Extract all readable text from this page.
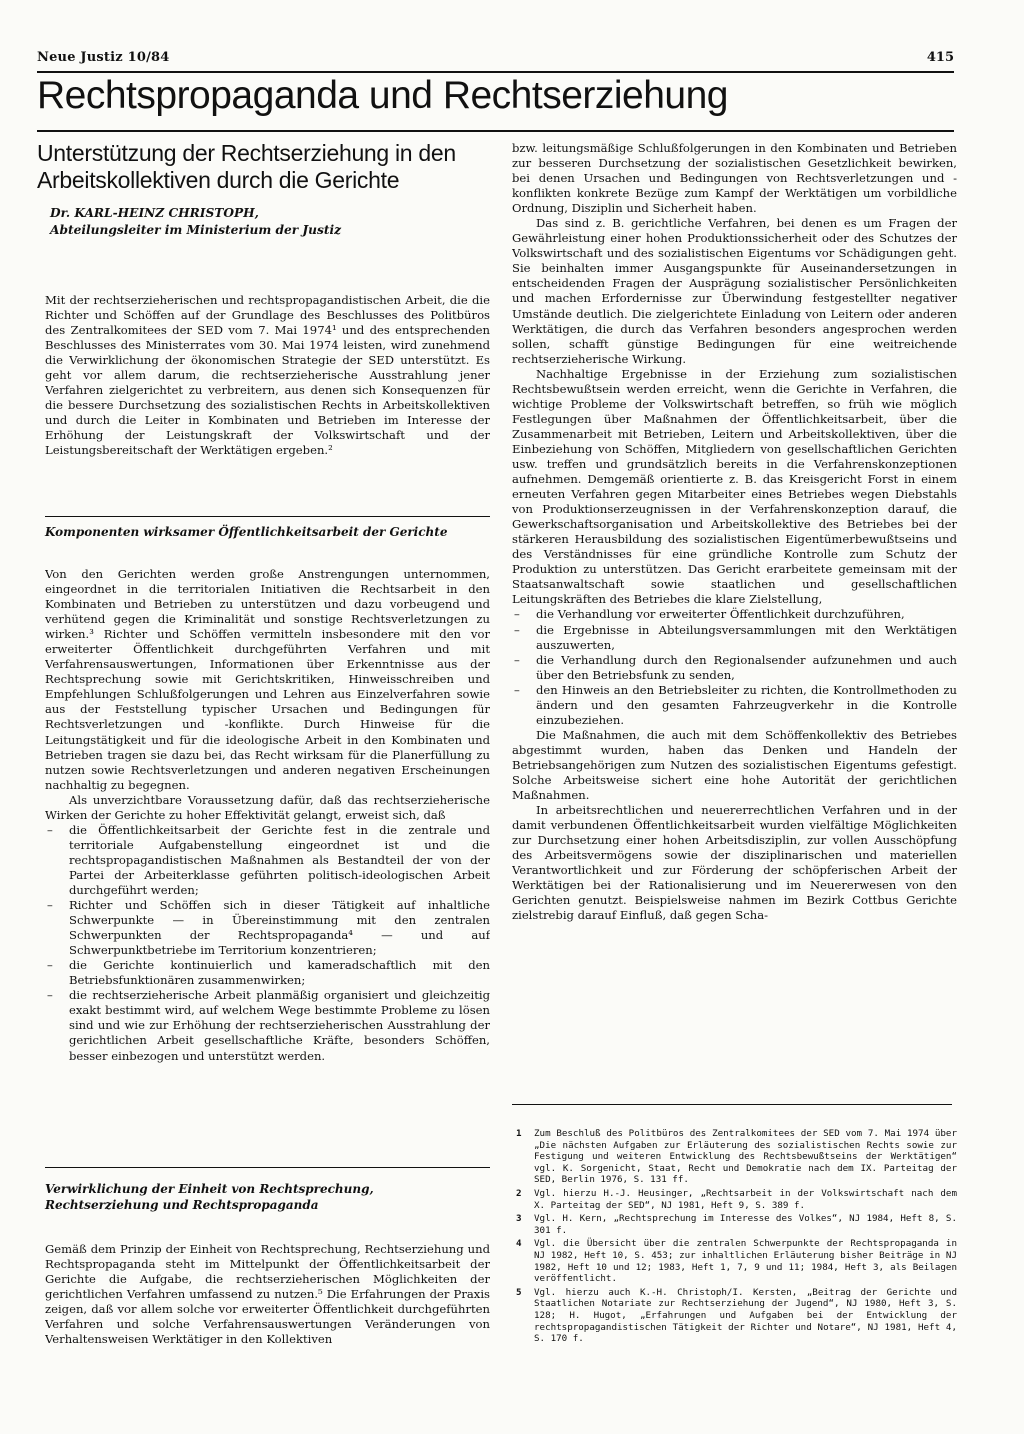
Neue Justiz 10/84	415
Rechtspropaganda und Rechtserziehung
Unterstützung der Rechtserziehung in den
Arbeitskollektiven durch die Gerichte
Dr. KARL-HEINZ CHRISTOPH,
Abteilungsleiter im Ministerium der Justiz

Mit der rechtserzieherischen und rechtspropagandistischen Arbeit, die die Richter und Schöffen auf der Grundlage des Beschlusses des Politbüros des Zentralkomitees der SED vom 7. Mai 1974¹ und des entsprechenden Beschlusses des Ministerrates vom 30. Mai 1974 leisten, wird zunehmend die Verwirklichung der ökonomischen Strategie der SED unterstützt. Es geht vor allem darum, die rechtserzieherische Ausstrahlung jener Verfahren zielgerichtet zu verbreitern, aus denen sich Konsequenzen für die bessere Durchsetzung des sozialistischen Rechts in Arbeitskollektiven und durch die Leiter in Kombinaten und Betrieben im Interesse der Erhöhung der Leistungskraft der Volkswirtschaft und der Leistungsbereitschaft der Werktätigen ergeben.²

Komponenten wirksamer Öffentlichkeitsarbeit der Gerichte

Von den Gerichten werden große Anstrengungen unternommen, eingeordnet in die territorialen Initiativen die Rechtsarbeit in den Kombinaten und Betrieben zu unterstützen und dazu vorbeugend und verhütend gegen die Kriminalität und sonstige Rechtsverletzungen zu wirken.³ Richter und Schöffen vermitteln insbesondere mit den vor erweiterter Öffentlichkeit durchgeführten Verfahren und mit Verfahrensauswertungen, Informationen über Erkenntnisse aus der Rechtsprechung sowie mit Gerichtskritiken, Hinweisschreiben und Empfehlungen Schlußfolgerungen und Lehren aus Einzelverfahren sowie aus der Feststellung typischer Ursachen und Bedingungen für Rechtsverletzungen und -konflikte. Durch Hinweise für die Leitungstätigkeit und für die ideologische Arbeit in den Kombinaten und Betrieben tragen sie dazu bei, das Recht wirksam für die Planerfüllung zu nutzen sowie Rechtsverletzungen und anderen negativen Erscheinungen nachhaltig zu begegnen.

Als unverzichtbare Voraussetzung dafür, daß das rechtserzieherische Wirken der Gerichte zu hoher Effektivität gelangt, erweist sich, daß

– die Öffentlichkeitsarbeit der Gerichte fest in die zentrale und territoriale Aufgabenstellung eingeordnet ist und die rechtspropagandistischen Maßnahmen als Bestandteil der von der Partei der Arbeiterklasse geführten politisch-ideologischen Arbeit durchgeführt werden;
– Richter und Schöffen sich in dieser Tätigkeit auf inhaltliche Schwerpunkte — in Übereinstimmung mit den zentralen Schwerpunkten der Rechtspropaganda⁴ — und auf Schwerpunktbetriebe im Territorium konzentrieren;
– die Gerichte kontinuierlich und kameradschaftlich mit den Betriebsfunktionären zusammenwirken;
– die rechtserzieherische Arbeit planmäßig organisiert und gleichzeitig exakt bestimmt wird, auf welchem Wege bestimmte Probleme zu lösen sind und wie zur Erhöhung der rechtserzieherischen Ausstrahlung der gerichtlichen Arbeit gesellschaftliche Kräfte, besonders Schöffen, besser einbezogen und unterstützt werden.
Verwirklichung der Einheit von Rechtsprechung,
Rechtserziehung und Rechtspropaganda

Gemäß dem Prinzip der Einheit von Rechtsprechung, Rechtserziehung und Rechtspropaganda steht im Mittelpunkt der Öffentlichkeitsarbeit der Gerichte die Aufgabe, die rechtserzieherischen Möglichkeiten der gerichtlichen Verfahren umfassend zu nutzen.⁵ Die Erfahrungen der Praxis zeigen, daß vor allem solche vor erweiterter Öffentlichkeit durchgeführten Verfahren und solche Verfahrensauswertungen Veränderungen von Verhaltensweisen Werktätiger in den Kollektiven

bzw. leitungsmäßige Schlußfolgerungen in den Kombinaten und Betrieben zur besseren Durchsetzung der sozialistischen Gesetzlichkeit bewirken, bei denen Ursachen und Bedingungen von Rechtsverletzungen und -konflikten konkrete Bezüge zum Kampf der Werktätigen um vorbildliche Ordnung, Disziplin und Sicherheit haben.

Das sind z. B. gerichtliche Verfahren, bei denen es um Fragen der Gewährleistung einer hohen Produktionssicherheit oder des Schutzes der Volkswirtschaft und des sozialistischen Eigentums vor Schädigungen geht. Sie beinhalten immer Ausgangspunkte für Auseinandersetzungen in entscheidenden Fragen der Ausprägung sozialistischer Persönlichkeiten und machen Erfordernisse zur Überwindung festgestellter negativer Umstände deutlich. Die zielgerichtete Einladung von Leitern oder anderen Werktätigen, die durch das Verfahren besonders angesprochen werden sollen, schafft günstige Bedingungen für eine weitreichende rechtserzieherische Wirkung.

Nachhaltige Ergebnisse in der Erziehung zum sozialistischen Rechtsbewußtsein werden erreicht, wenn die Gerichte in Verfahren, die wichtige Probleme der Volkswirtschaft betreffen, so früh wie möglich Festlegungen über Maßnahmen der Öffentlichkeitsarbeit, über die Zusammenarbeit mit Betrieben, Leitern und Arbeitskollektiven, über die Einbeziehung von Schöffen, Mitgliedern von gesellschaftlichen Gerichten usw. treffen und grundsätzlich bereits in die Verfahrenskonzeptionen aufnehmen. Demgemäß orientierte z. B. das Kreisgericht Forst in einem erneuten Verfahren gegen Mitarbeiter eines Betriebes wegen Diebstahls von Produktionserzeugnissen in der Verfahrenskonzeption darauf, die Gewerkschaftsorganisation und Arbeitskollektive des Betriebes bei der stärkeren Herausbildung des sozialistischen Eigentümerbewußtseins und des Verständnisses für eine gründliche Kontrolle zum Schutz der Produktion zu unterstützen. Das Gericht erarbeitete gemeinsam mit der Staatsanwaltschaft sowie staatlichen und gesellschaftlichen Leitungskräften des Betriebes die klare Zielstellung,

– die Verhandlung vor erweiterter Öffentlichkeit durchzuführen,
– die Ergebnisse in Abteilungsversammlungen mit den Werktätigen auszuwerten,
– die Verhandlung durch den Regionalsender aufzunehmen und auch über den Betriebsfunk zu senden,
– den Hinweis an den Betriebsleiter zu richten, die Kontrollmethoden zu ändern und den gesamten Fahrzeugverkehr in die Kontrolle einzubeziehen.

Die Maßnahmen, die auch mit dem Schöffenkollektiv des Betriebes abgestimmt wurden, haben das Denken und Handeln der Betriebsangehörigen zum Nutzen des sozialistischen Eigentums gefestigt. Solche Arbeitsweise sichert eine hohe Autorität der gerichtlichen Maßnahmen.

In arbeitsrechtlichen und neuererrechtlichen Verfahren und in der damit verbundenen Öffentlichkeitsarbeit wurden vielfältige Möglichkeiten zur Durchsetzung einer hohen Arbeitsdisziplin, zur vollen Ausschöpfung des Arbeitsvermögens sowie der disziplinarischen und materiellen Verantwortlichkeit und zur Förderung der schöpferischen Arbeit der Werktätigen bei der Rationalisierung und im Neuererwesen von den Gerichten genutzt. Beispielsweise nahmen im Bezirk Cottbus Gerichte zielstrebig darauf Einfluß, daß gegen Scha-

1 Zum Beschluß des Politbüros des Zentralkomitees der SED vom 7. Mai 1974 über „Die nächsten Aufgaben zur Erläuterung des sozialistischen Rechts sowie zur Festigung und weiteren Entwicklung des Rechtsbewußtseins der Werktätigen“ vgl. K. Sorgenicht, Staat, Recht und Demokratie nach dem IX. Parteitag der SED, Berlin 1976, S. 131 ff.
2 Vgl. hierzu H.-J. Heusinger, „Rechtsarbeit in der Volkswirtschaft nach dem X. Parteitag der SED“, NJ 1981, Heft 9, S. 389 f.
3 Vgl. H. Kern, „Rechtsprechung im Interesse des Volkes“, NJ 1984, Heft 8, S. 301 f.
4 Vgl. die Übersicht über die zentralen Schwerpunkte der Rechtspropaganda in NJ 1982, Heft 10, S. 453; zur inhaltlichen Erläuterung bisher Beiträge in NJ 1982, Heft 10 und 12; 1983, Heft 1, 7, 9 und 11; 1984, Heft 3, als Beilagen veröffentlicht.
5 Vgl. hierzu auch K.-H. Christoph/I. Kersten, „Beitrag der Gerichte und Staatlichen Notariate zur Rechtserziehung der Jugend“, NJ 1980, Heft 3, S. 128; H. Hugot, „Erfahrungen und Aufgaben bei der Entwicklung der rechtspropagandistischen Tätigkeit der Richter und Notare“, NJ 1981, Heft 4, S. 170 f.
